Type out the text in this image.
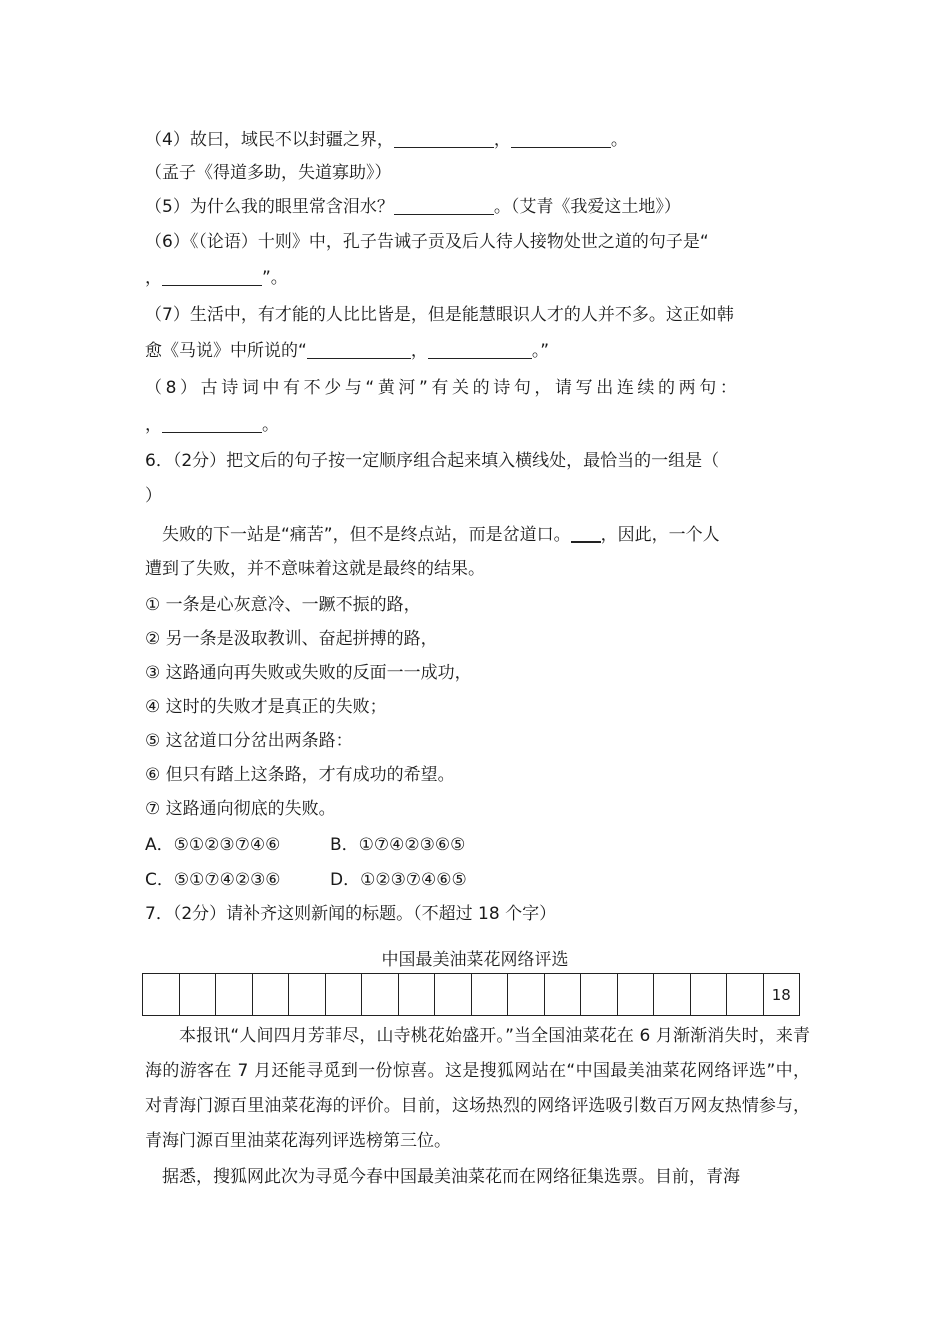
（4）故曰，域民不以封疆之界，	，	。
（孟子《得道多助，失道寡助》）
（5）为什么我的眼里常含泪水？	。（艾青《我爱这土地》）
（6）《（论语）十则》中，孔子告诫子贡及后人待人接物处世之道的句子是“
，	”。
（7）生活中，有才能的人比比皆是，但是能慧眼识人才的人并不多。这正如韩
愈《马说》中所说的“	，	。”
（8）古诗词中有不少与“黄河”有关的诗句，请写出连续的两句：
，	。
6．（2分）把文后的句子按一定顺序组合起来填入横线处，最恰当的一组是（
）
失败的下一站是“痛苦”，但不是终点站，而是岔道口。 ，因此，一个人
遭到了失败，并不意味着这就是最终的结果。
① 一条是心灰意冷、一蹶不振的路，
② 另一条是汲取教训、奋起拼搏的路，
③ 这路通向再失败或失败的反面一一成功，
④ 这时的失败才是真正的失败；
⑤ 这岔道口分岔出两条路：
⑥ 但只有踏上这条路，才有成功的希望。
⑦ 这路通向彻底的失败。
A．⑤①②③⑦④⑥	B．①⑦④②③⑥⑤
C．⑤①⑦④②③⑥	D．①②③⑦④⑥⑤
7．（2分）请补齐这则新闻的标题。（不超过 18 个字）
中国最美油菜花网络评选
																	18
本报讯“人间四月芳菲尽，山寺桃花始盛开。”当全国油菜花在 6 月渐渐消失时，来青海的游客在 7 月还能寻觅到一份惊喜。这是搜狐网站在“中国最美油菜花网络评选”中，对青海门源百里油菜花海的评价。目前，这场热烈的网络评选吸引数百万网友热情参与，青海门源百里油菜花海列评选榜第三位。
据悉，搜狐网此次为寻觅今春中国最美油菜花而在网络征集选票。目前，青海
